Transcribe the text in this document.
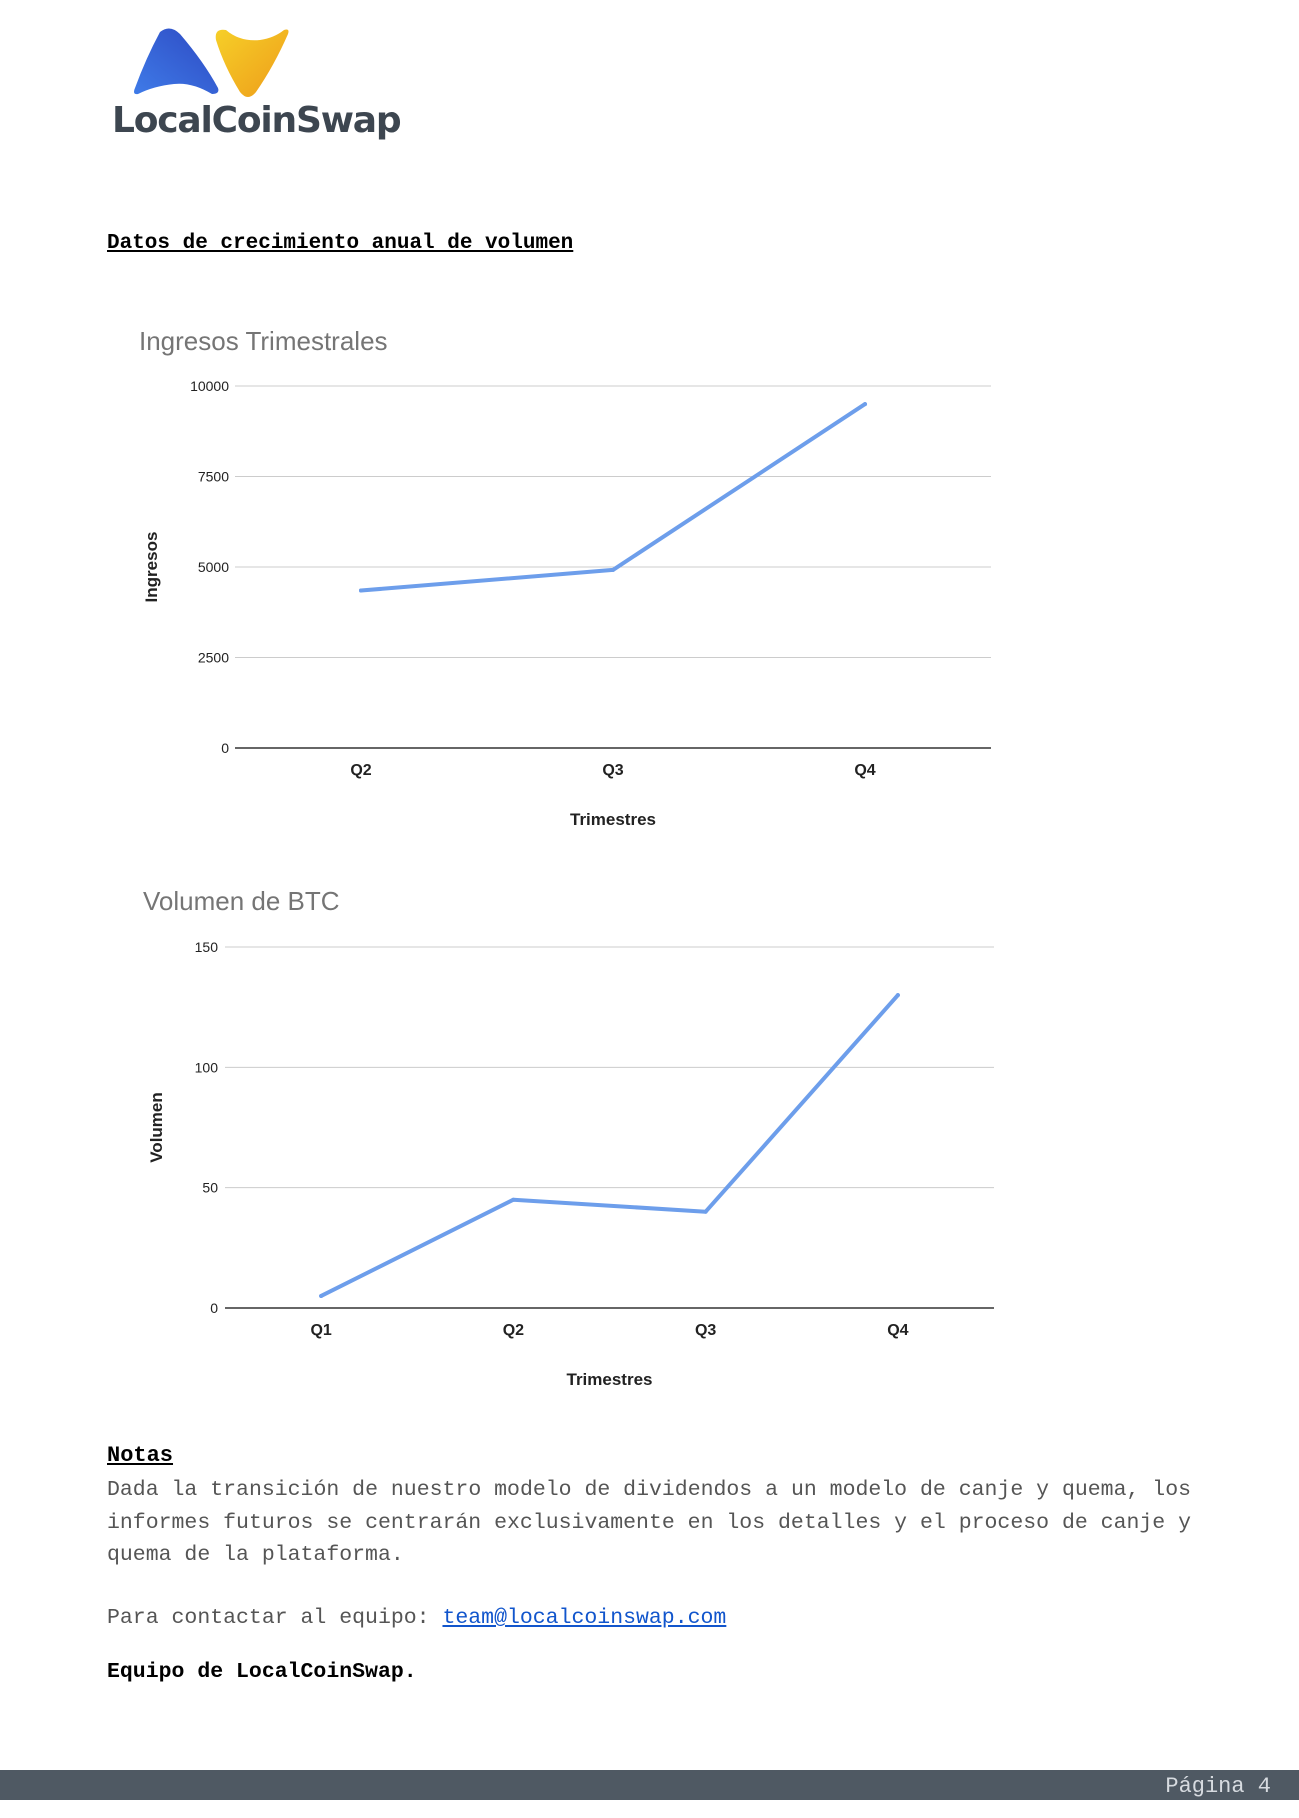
LocalCoinSwap
Datos de crecimiento anual de volumen
Ingresos Trimestrales
0
2500
5000
7500
10000
Q2	Q3	Q4
Trimestres
Ingresos
Volumen de BTC
0
50
100
150
Q1	Q2	Q3	Q4
Trimestres
Volumen
Notas
Dada la transición de nuestro modelo de dividendos a un modelo de canje y quema, los informes futuros se centrarán exclusivamente en los detalles y el proceso de canje y quema de la plataforma.
Para contactar al equipo: team@localcoinswap.com
Equipo de LocalCoinSwap.
Página 4
